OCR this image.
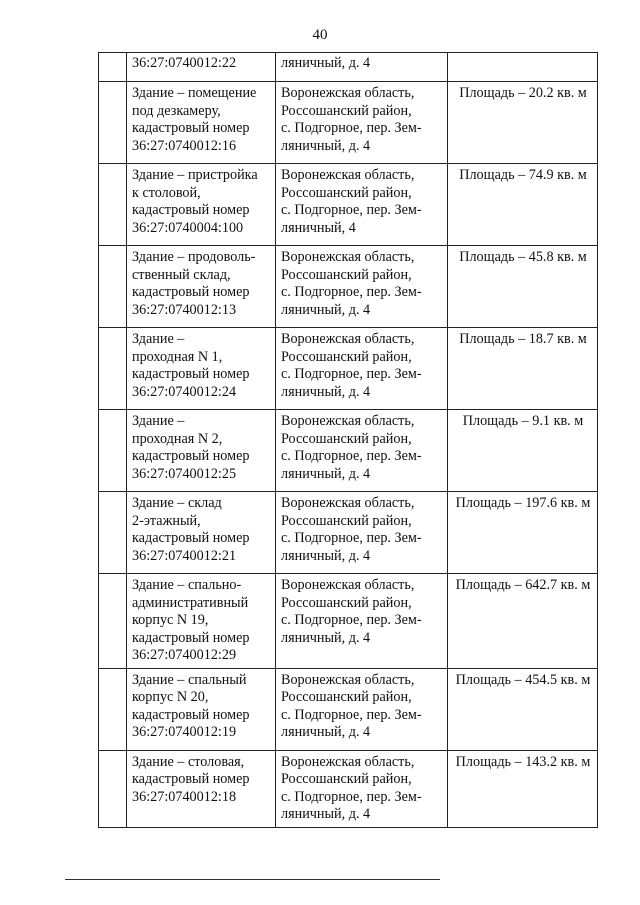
40
	36:27:0740012:22	ляничный, д. 4	
	Здание – помещение
под дезкамеру,
кадастровый номер
36:27:0740012:16	Воронежская область,
Россошанский район,
с. Подгорное, пер. Зем-
ляничный, д. 4	Площадь – 20.2 кв. м
	Здание – пристройка
к столовой,
кадастровый номер
36:27:0740004:100	Воронежская область,
Россошанский район,
с. Подгорное, пер. Зем-
ляничный, 4	Площадь – 74.9 кв. м
	Здание – продоволь-
ственный склад,
кадастровый номер
36:27:0740012:13	Воронежская область,
Россошанский район,
с. Подгорное, пер. Зем-
ляничный, д. 4	Площадь – 45.8 кв. м
	Здание –
проходная N 1,
кадастровый номер
36:27:0740012:24	Воронежская область,
Россошанский район,
с. Подгорное, пер. Зем-
ляничный, д. 4	Площадь – 18.7 кв. м
	Здание –
проходная N 2,
кадастровый номер
36:27:0740012:25	Воронежская область,
Россошанский район,
с. Подгорное, пер. Зем-
ляничный, д. 4	Площадь – 9.1 кв. м
	Здание – склад
2-этажный,
кадастровый номер
36:27:0740012:21	Воронежская область,
Россошанский район,
с. Подгорное, пер. Зем-
ляничный, д. 4	Площадь – 197.6 кв. м
	Здание – спально-
административный
корпус N 19,
кадастровый номер
36:27:0740012:29	Воронежская область,
Россошанский район,
с. Подгорное, пер. Зем-
ляничный, д. 4	Площадь – 642.7 кв. м
	Здание – спальный
корпус N 20,
кадастровый номер
36:27:0740012:19	Воронежская область,
Россошанский район,
с. Подгорное, пер. Зем-
ляничный, д. 4	Площадь – 454.5 кв. м
	Здание – столовая,
кадастровый номер
36:27:0740012:18	Воронежская область,
Россошанский район,
с. Подгорное, пер. Зем-
ляничный, д. 4	Площадь – 143.2 кв. м
